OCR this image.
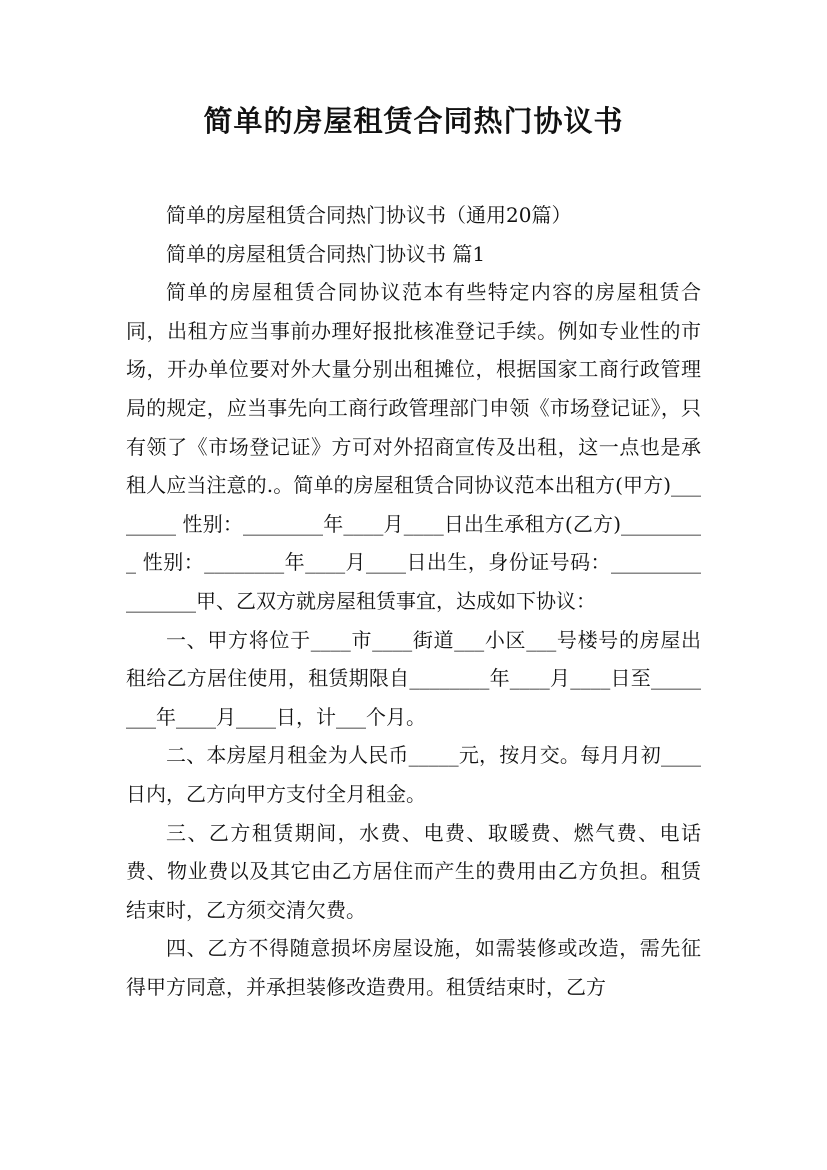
简单的房屋租赁合同热门协议书

简单的房屋租赁合同热门协议书（通用20篇）

简单的房屋租赁合同热门协议书 篇1

简单的房屋租赁合同协议范本有些特定内容的房屋租赁合同，出租方应当事前办理好报批核准登记手续。例如专业性的市场，开办单位要对外大量分别出租摊位，根据国家工商行政管理局的规定，应当事先向工商行政管理部门申领《市场登记证》，只有领了《市场登记证》方可对外招商宣传及出租，这一点也是承租人应当注意的.。简单的房屋租赁合同协议范本出租方(甲方)________ 性别：________年____月____日出生承租方(乙方)_________ 性别：________年____月____日出生，身份证号码：________________甲、乙双方就房屋租赁事宜，达成如下协议：

一、甲方将位于____市____街道___小区___号楼号的房屋出租给乙方居住使用，租赁期限自________年____月____日至________年____月____日，计___个月。

二、本房屋月租金为人民币_____元，按月交。每月月初____日内，乙方向甲方支付全月租金。

三、乙方租赁期间，水费、电费、取暖费、燃气费、电话费、物业费以及其它由乙方居住而产生的费用由乙方负担。租赁结束时，乙方须交清欠费。

四、乙方不得随意损坏房屋设施，如需装修或改造，需先征得甲方同意，并承担装修改造费用。租赁结束时，乙方
